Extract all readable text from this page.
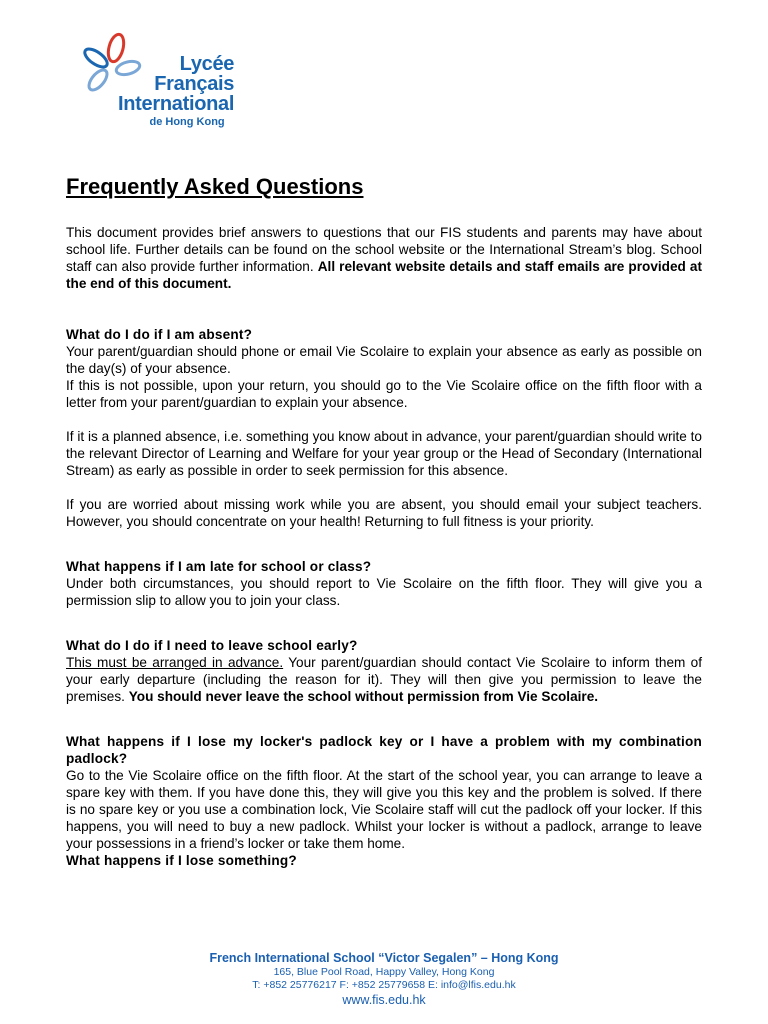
Lycée
Français
International
de Hong Kong
Frequently Asked Questions

This document provides brief answers to questions that our FIS students and parents may have about school life. Further details can be found on the school website or the International Stream’s blog. School staff can also provide further information. All relevant website details and staff emails are provided at the end of this document.

What do I do if I am absent?

Your parent/guardian should phone or email Vie Scolaire to explain your absence as early as possible on the day(s) of your absence.

If this is not possible, upon your return, you should go to the Vie Scolaire office on the fifth floor with a letter from your parent/guardian to explain your absence.

If it is a planned absence, i.e. something you know about in advance, your parent/guardian should write to the relevant Director of Learning and Welfare for your year group or the Head of Secondary (International Stream) as early as possible in order to seek permission for this absence.

If you are worried about missing work while you are absent, you should email your subject teachers. However, you should concentrate on your health! Returning to full fitness is your priority.

What happens if I am late for school or class?

Under both circumstances, you should report to Vie Scolaire on the fifth floor. They will give you a permission slip to allow you to join your class.

What do I do if I need to leave school early?

This must be arranged in advance. Your parent/guardian should contact Vie Scolaire to inform them of your early departure (including the reason for it). They will then give you permission to leave the premises. You should never leave the school without permission from Vie Scolaire.

What happens if I lose my locker's padlock key or I have a problem with my combination padlock?

Go to the Vie Scolaire office on the fifth floor. At the start of the school year, you can arrange to leave a spare key with them. If you have done this, they will give you this key and the problem is solved. If there is no spare key or you use a combination lock, Vie Scolaire staff will cut the padlock off your locker. If this happens, you will need to buy a new padlock. Whilst your locker is without a padlock, arrange to leave your possessions in a friend’s locker or take them home.

What happens if I lose something?

French International School “Victor Segalen” – Hong Kong
165, Blue Pool Road, Happy Valley, Hong Kong
T: +852 25776217 F: +852 25779658 E: info@lfis.edu.hk
www.fis.edu.hk
